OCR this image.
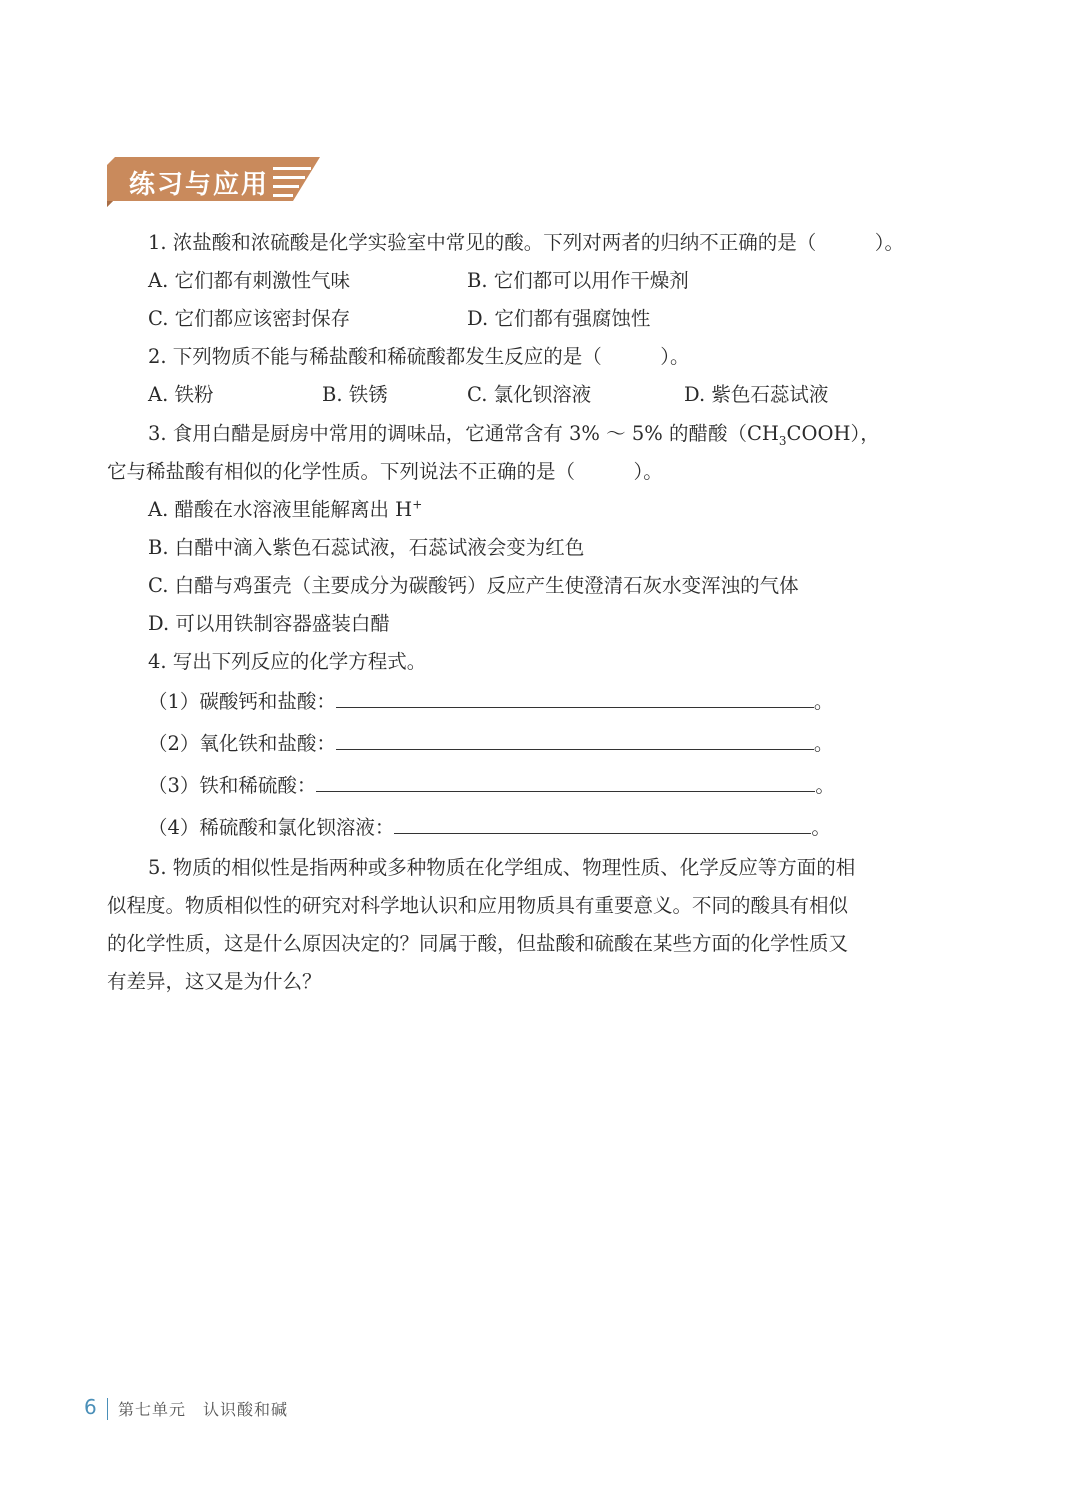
练习与应用
1. 浓盐酸和浓硫酸是化学实验室中常见的酸。下列对两者的归纳不正确的是（　　　）。
A. 它们都有刺激性气味	B. 它们都可以用作干燥剂
C. 它们都应该密封保存	D. 它们都有强腐蚀性
2. 下列物质不能与稀盐酸和稀硫酸都发生反应的是（　　　）。
A. 铁粉	B. 铁锈	C. 氯化钡溶液	D. 紫色石蕊试液
3. 食用白醋是厨房中常用的调味品，它通常含有 3% ～ 5% 的醋酸$(CH_3COOH)$，
它与稀盐酸有相似的化学性质。下列说法不正确的是（　　　）。
A. 醋酸在水溶液里能解离出 H+
B. 白醋中滴入紫色石蕊试液，石蕊试液会变为红色
C. 白醋与鸡蛋壳（主要成分为碳酸钙）反应产生使澄清石灰水变浑浊的气体
D. 可以用铁制容器盛装白醋
4. 写出下列反应的化学方程式。
（1）碳酸钙和盐酸：	。
（2）氧化铁和盐酸：	。
（3）铁和稀硫酸：	。
（4）稀硫酸和氯化钡溶液：	。
5. 物质的相似性是指两种或多种物质在化学组成、物理性质、化学反应等方面的相
似程度。物质相似性的研究对科学地认识和应用物质具有重要意义。不同的酸具有相似
的化学性质，这是什么原因决定的？同属于酸，但盐酸和硫酸在某些方面的化学性质又
有差异，这又是为什么？
6 第七单元　认识酸和碱
